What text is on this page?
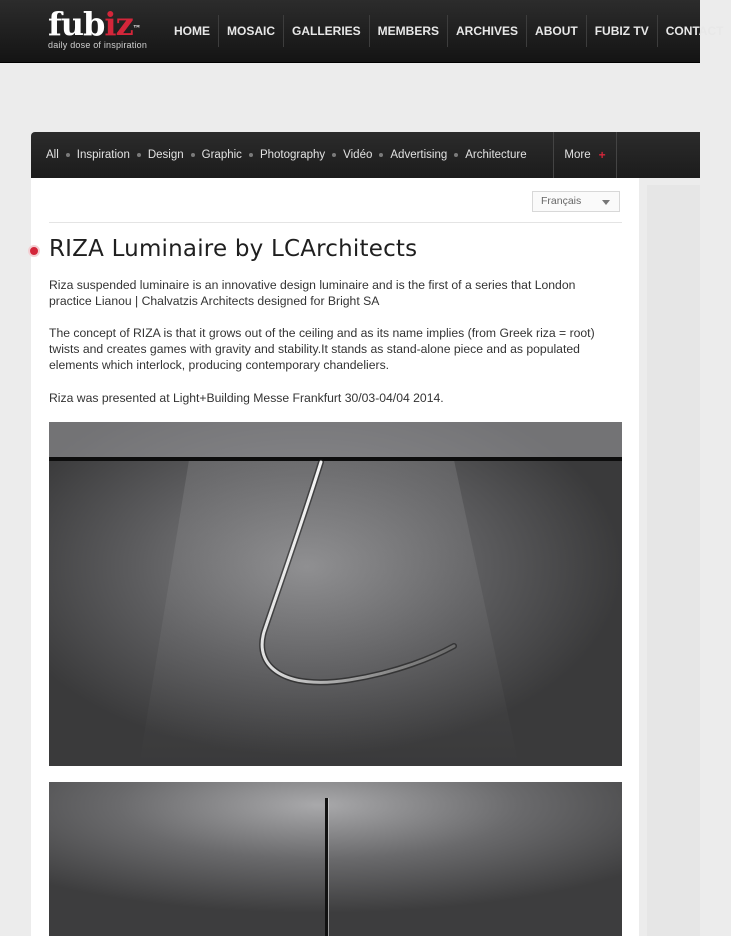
fubiz™
daily dose of inspiration
HOME	MOSAIC	GALLERIES	MEMBERS	ARCHIVES	ABOUT	FUBIZ TV	CONTACT
All Inspiration Design Graphic Photography Vidéo Advertising Architecture	More +
Français
RIZA Luminaire by LCArchitects
Riza suspended luminaire is an innovative design luminaire and is the first of a series that London practice Lianou | Chalvatzis Architects designed for Bright SA
The concept of RIZA is that it grows out of the ceiling and as its name implies (from Greek riza = root) twists and creates games with gravity and stability.It stands as stand-alone piece and as populated elements which interlock, producing contemporary chandeliers.
Riza was presented at Light+Building Messe Frankfurt 30/03-04/04 2014.
